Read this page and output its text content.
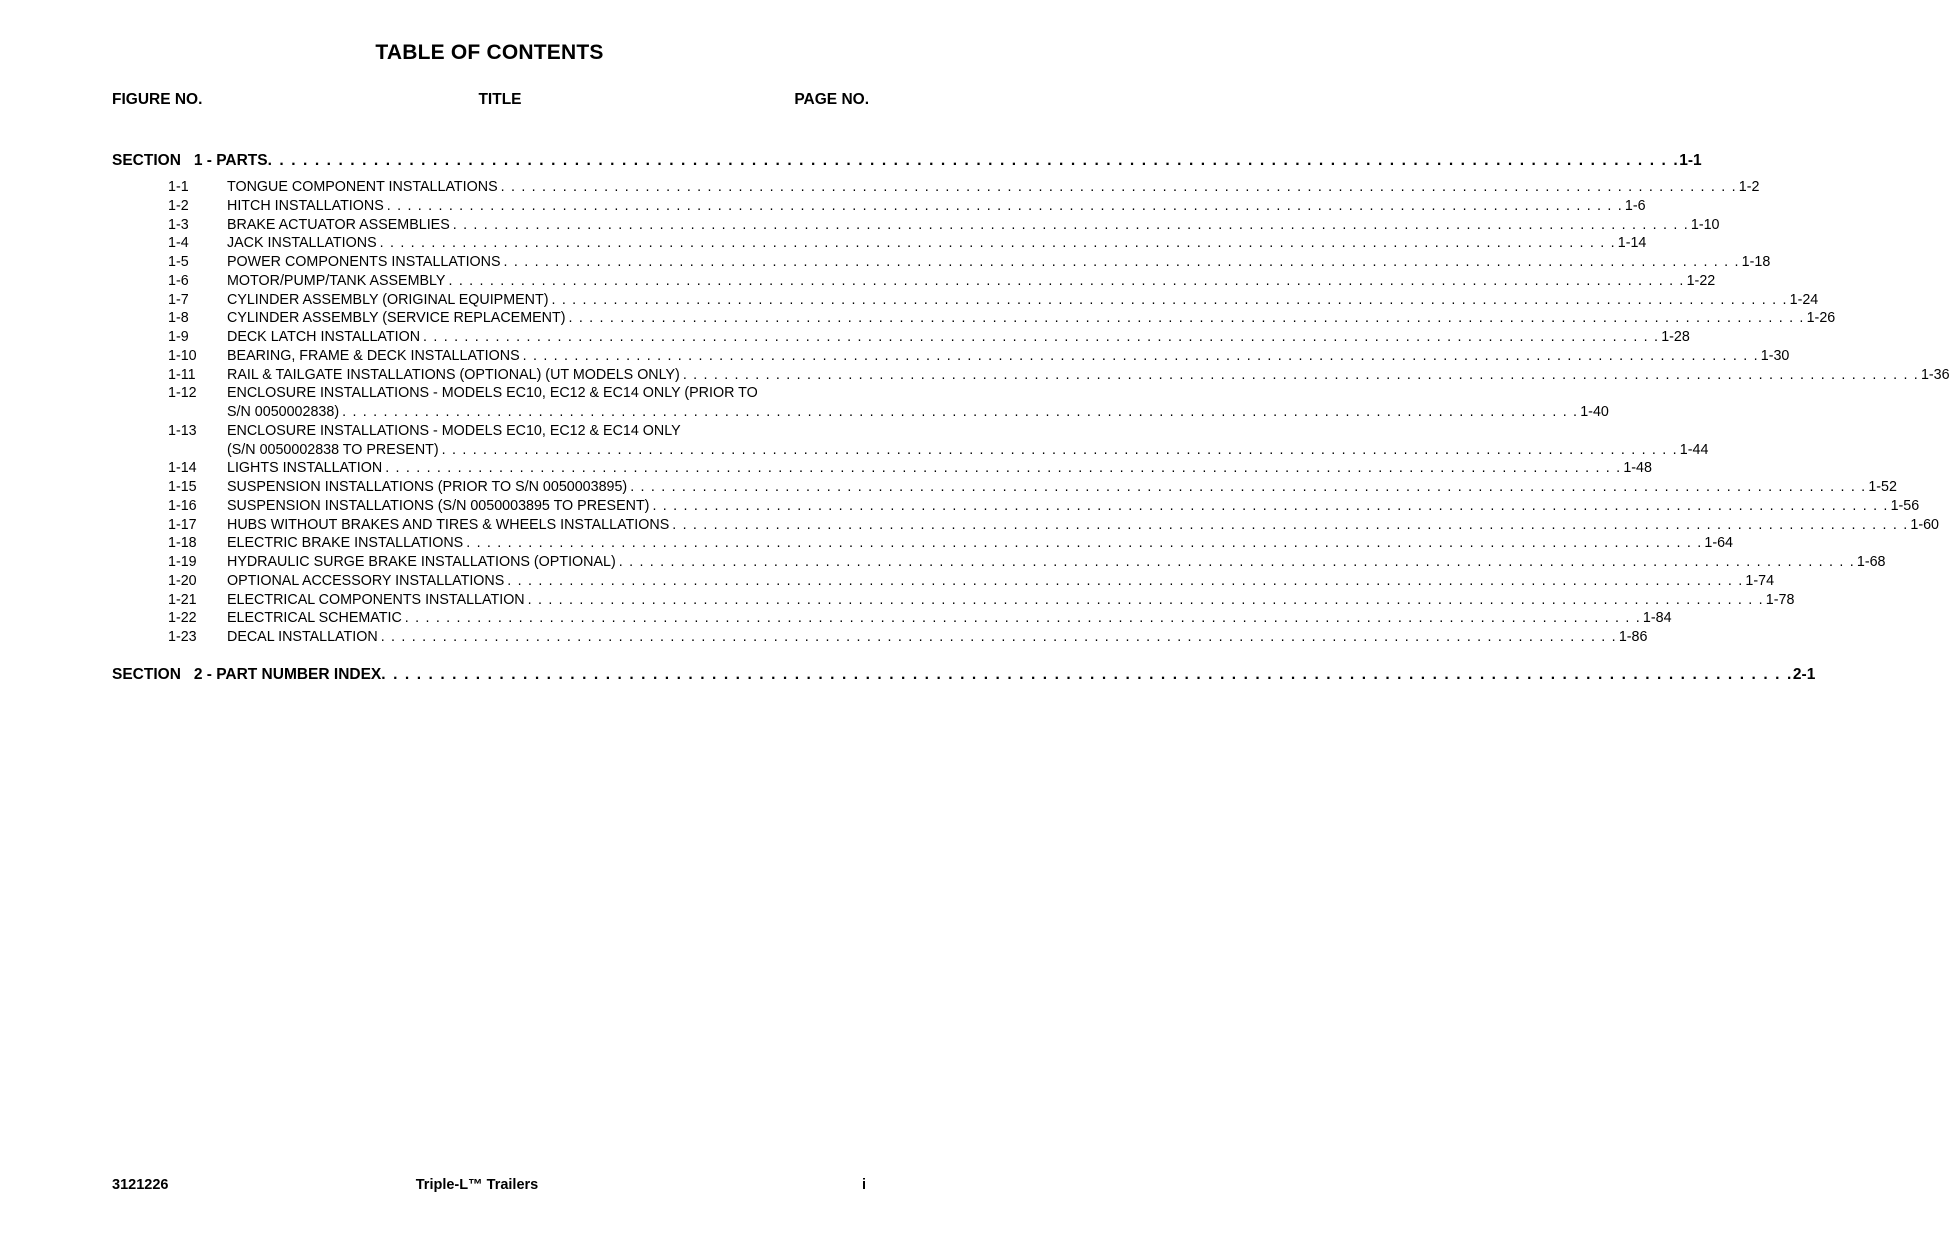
TABLE OF CONTENTS
FIGURE NO.	TITLE	PAGE NO.
SECTION   1 - PARTS . . . . . . . . . . . . . . . . . . . . . . . . . . . . . . . . . . . . . . . . . . . . . . . . . . . . . . . . . . . . . . . . . . . . . . . . . . . . . . . . . . . . . . . . . . . . . . . . . . . . . . . . . . . . . . . . . . . . . . . . 1-1
1-1	TONGUE COMPONENT INSTALLATIONS . . . . . . . . . . . . . . . . . . . . . . . . . . . . . . . . . . . . . . . . . . . . . . . . . . . . . . . . . . . . . . . . . . . . . . . . . . . . . . . . . . . . . . . . . . . . . . . . . . . . . . . . . . . . . . . . . . . . . . . . 1-2
1-2	HITCH INSTALLATIONS . . . . . . . . . . . . . . . . . . . . . . . . . . . . . . . . . . . . . . . . . . . . . . . . . . . . . . . . . . . . . . . . . . . . . . . . . . . . . . . . . . . . . . . . . . . . . . . . . . . . . . . . . . . . . . . . . . . . . . . . 1-6
1-3	BRAKE ACTUATOR ASSEMBLIES . . . . . . . . . . . . . . . . . . . . . . . . . . . . . . . . . . . . . . . . . . . . . . . . . . . . . . . . . . . . . . . . . . . . . . . . . . . . . . . . . . . . . . . . . . . . . . . . . . . . . . . . . . . . . . . . . . . . . . . . 1-10
1-4	JACK INSTALLATIONS . . . . . . . . . . . . . . . . . . . . . . . . . . . . . . . . . . . . . . . . . . . . . . . . . . . . . . . . . . . . . . . . . . . . . . . . . . . . . . . . . . . . . . . . . . . . . . . . . . . . . . . . . . . . . . . . . . . . . . . . 1-14
1-5	POWER COMPONENTS INSTALLATIONS . . . . . . . . . . . . . . . . . . . . . . . . . . . . . . . . . . . . . . . . . . . . . . . . . . . . . . . . . . . . . . . . . . . . . . . . . . . . . . . . . . . . . . . . . . . . . . . . . . . . . . . . . . . . . . . . . . . . . . . . 1-18
1-6	MOTOR/PUMP/TANK ASSEMBLY . . . . . . . . . . . . . . . . . . . . . . . . . . . . . . . . . . . . . . . . . . . . . . . . . . . . . . . . . . . . . . . . . . . . . . . . . . . . . . . . . . . . . . . . . . . . . . . . . . . . . . . . . . . . . . . . . . . . . . . . 1-22
1-7	CYLINDER ASSEMBLY (ORIGINAL EQUIPMENT) . . . . . . . . . . . . . . . . . . . . . . . . . . . . . . . . . . . . . . . . . . . . . . . . . . . . . . . . . . . . . . . . . . . . . . . . . . . . . . . . . . . . . . . . . . . . . . . . . . . . . . . . . . . . . . . . . . . . . . . . 1-24
1-8	CYLINDER ASSEMBLY (SERVICE REPLACEMENT) . . . . . . . . . . . . . . . . . . . . . . . . . . . . . . . . . . . . . . . . . . . . . . . . . . . . . . . . . . . . . . . . . . . . . . . . . . . . . . . . . . . . . . . . . . . . . . . . . . . . . . . . . . . . . . . . . . . . . . . . 1-26
1-9	DECK LATCH INSTALLATION . . . . . . . . . . . . . . . . . . . . . . . . . . . . . . . . . . . . . . . . . . . . . . . . . . . . . . . . . . . . . . . . . . . . . . . . . . . . . . . . . . . . . . . . . . . . . . . . . . . . . . . . . . . . . . . . . . . . . . . . 1-28
1-10 BEARING, FRAME & DECK INSTALLATIONS . . . . . . . . . . . . . . . . . . . . . . . . . . . . . . . . . . . . . . . . . . . . . . . . . . . . . . . . . . . . . . . . . . . . . . . . . . . . . . . . . . . . . . . . . . . . . . . . . . . . . . . . . . . . . . . . . . . . . . . . 1-30
1-11 RAIL & TAILGATE INSTALLATIONS (OPTIONAL) (UT MODELS ONLY) . . . . . . . . . . . . . . . . . . . . . . . . . . . . . . . . . . . . . . . . . . . . . . . . . . . . . . . . . . . . . . . . . . . . . . . . . . . . . . . . . . . . . . . . . . . . . . . . . . . . . . . . . . . . . . . . . . . . . . . . 1-36
1-12 ENCLOSURE INSTALLATIONS - MODELS EC10, EC12 & EC14 ONLY (PRIOR TO
S/N 0050002838) . . . . . . . . . . . . . . . . . . . . . . . . . . . . . . . . . . . . . . . . . . . . . . . . . . . . . . . . . . . . . . . . . . . . . . . . . . . . . . . . . . . . . . . . . . . . . . . . . . . . . . . . . . . . . . . . . . . . . . . . 1-40
1-13 ENCLOSURE INSTALLATIONS - MODELS EC10, EC12 & EC14 ONLY
(S/N 0050002838 TO PRESENT) . . . . . . . . . . . . . . . . . . . . . . . . . . . . . . . . . . . . . . . . . . . . . . . . . . . . . . . . . . . . . . . . . . . . . . . . . . . . . . . . . . . . . . . . . . . . . . . . . . . . . . . . . . . . . . . . . . . . . . . . 1-44
1-14 LIGHTS INSTALLATION . . . . . . . . . . . . . . . . . . . . . . . . . . . . . . . . . . . . . . . . . . . . . . . . . . . . . . . . . . . . . . . . . . . . . . . . . . . . . . . . . . . . . . . . . . . . . . . . . . . . . . . . . . . . . . . . . . . . . . . . 1-48
1-15 SUSPENSION INSTALLATIONS (PRIOR TO S/N 0050003895) . . . . . . . . . . . . . . . . . . . . . . . . . . . . . . . . . . . . . . . . . . . . . . . . . . . . . . . . . . . . . . . . . . . . . . . . . . . . . . . . . . . . . . . . . . . . . . . . . . . . . . . . . . . . . . . . . . . . . . . . 1-52
1-16 SUSPENSION INSTALLATIONS (S/N 0050003895 TO PRESENT) . . . . . . . . . . . . . . . . . . . . . . . . . . . . . . . . . . . . . . . . . . . . . . . . . . . . . . . . . . . . . . . . . . . . . . . . . . . . . . . . . . . . . . . . . . . . . . . . . . . . . . . . . . . . . . . . . . . . . . . . 1-56
1-17 HUBS WITHOUT BRAKES AND TIRES & WHEELS INSTALLATIONS . . . . . . . . . . . . . . . . . . . . . . . . . . . . . . . . . . . . . . . . . . . . . . . . . . . . . . . . . . . . . . . . . . . . . . . . . . . . . . . . . . . . . . . . . . . . . . . . . . . . . . . . . . . . . . . . . . . . . . . . 1-60
1-18 ELECTRIC BRAKE INSTALLATIONS . . . . . . . . . . . . . . . . . . . . . . . . . . . . . . . . . . . . . . . . . . . . . . . . . . . . . . . . . . . . . . . . . . . . . . . . . . . . . . . . . . . . . . . . . . . . . . . . . . . . . . . . . . . . . . . . . . . . . . . . 1-64
1-19 HYDRAULIC SURGE BRAKE INSTALLATIONS (OPTIONAL) . . . . . . . . . . . . . . . . . . . . . . . . . . . . . . . . . . . . . . . . . . . . . . . . . . . . . . . . . . . . . . . . . . . . . . . . . . . . . . . . . . . . . . . . . . . . . . . . . . . . . . . . . . . . . . . . . . . . . . . . 1-68
1-20 OPTIONAL ACCESSORY INSTALLATIONS . . . . . . . . . . . . . . . . . . . . . . . . . . . . . . . . . . . . . . . . . . . . . . . . . . . . . . . . . . . . . . . . . . . . . . . . . . . . . . . . . . . . . . . . . . . . . . . . . . . . . . . . . . . . . . . . . . . . . . . . 1-74
1-21 ELECTRICAL COMPONENTS INSTALLATION . . . . . . . . . . . . . . . . . . . . . . . . . . . . . . . . . . . . . . . . . . . . . . . . . . . . . . . . . . . . . . . . . . . . . . . . . . . . . . . . . . . . . . . . . . . . . . . . . . . . . . . . . . . . . . . . . . . . . . . . 1-78
1-22 ELECTRICAL SCHEMATIC . . . . . . . . . . . . . . . . . . . . . . . . . . . . . . . . . . . . . . . . . . . . . . . . . . . . . . . . . . . . . . . . . . . . . . . . . . . . . . . . . . . . . . . . . . . . . . . . . . . . . . . . . . . . . . . . . . . . . . . . 1-84
1-23 DECAL INSTALLATION . . . . . . . . . . . . . . . . . . . . . . . . . . . . . . . . . . . . . . . . . . . . . . . . . . . . . . . . . . . . . . . . . . . . . . . . . . . . . . . . . . . . . . . . . . . . . . . . . . . . . . . . . . . . . . . . . . . . . . . . 1-86
SECTION   2 - PART NUMBER INDEX . . . . . . . . . . . . . . . . . . . . . . . . . . . . . . . . . . . . . . . . . . . . . . . . . . . . . . . . . . . . . . . . . . . . . . . . . . . . . . . . . . . . . . . . . . . . . . . . . . . . . . . . . . . . . . . . . . . . . . . . 2-1
3121226	Triple-L™ Trailers	i
